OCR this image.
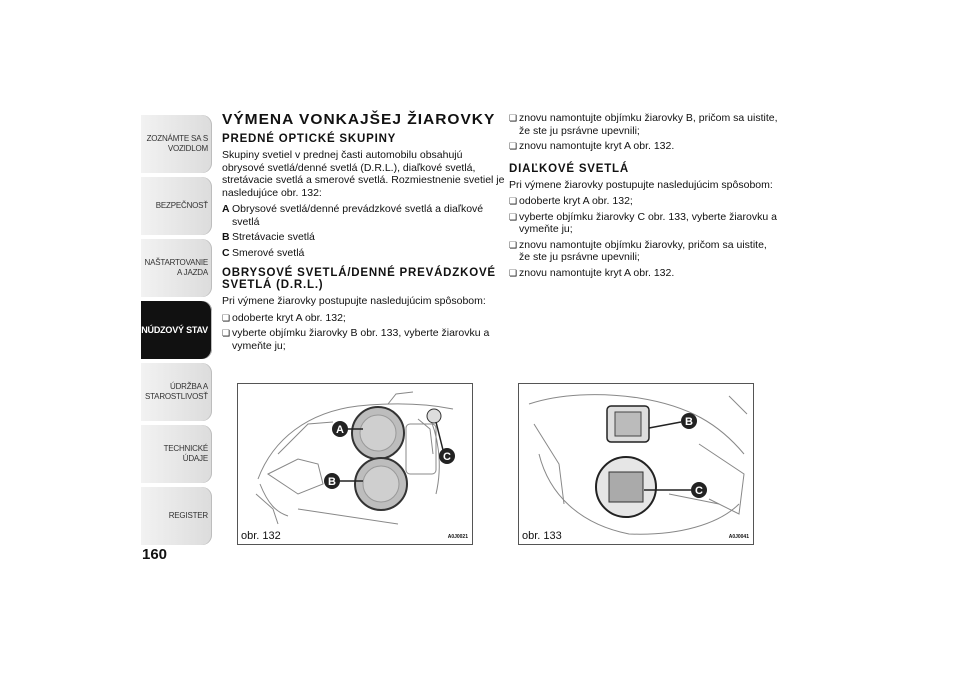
ZOZNÁMTE SA S VOZIDLOM
BEZPEČNOSŤ
NAŠTARTOVANIE A JAZDA
NÚDZOVÝ STAV
ÚDRŽBA A STAROSTLIVOSŤ
TECHNICKÉ ÚDAJE
REGISTER
160
VÝMENA VONKAJŠEJ ŽIAROVKY
PREDNÉ OPTICKÉ SKUPINY

Skupiny svetiel v prednej časti automobilu obsahujú obrysové svetlá/denné svetlá (D.R.L.), diaľkové svetlá, stretávacie svetlá a smerové svetlá. Rozmiestnenie svetiel je nasledujúce obr. 132:

A Obrysové svetlá/denné prevádzkové svetlá a diaľkové svetlá
B Stretávacie svetlá
C Smerové svetlá
OBRYSOVÉ SVETLÁ/DENNÉ PREVÁDZKOVÉ SVETLÁ (D.R.L.)

Pri výmene žiarovky postupujte nasledujúcim spôsobom:

❏ odoberte kryt A obr. 132;
❏ vyberte objímku žiarovky B obr. 133, vyberte žiarovku a vymeňte ju;
❏ znovu namontujte objímku žiarovky B, pričom sa uistite, že ste ju psrávne upevnili;
❏ znovu namontujte kryt A obr. 132.
DIAĽKOVÉ SVETLÁ

Pri výmene žiarovky postupujte nasledujúcim spôsobom:

❏ odoberte kryt A obr. 132;
❏ vyberte objímku žiarovky C obr. 133, vyberte žiarovku a vymeňte ju;
❏ znovu namontujte objímku žiarovky, pričom sa uistite, že ste ju psrávne upevnili;
❏ znovu namontujte kryt A obr. 132.
A
B
C
obr. 132	A0J0021
B
C
obr. 133	A0J0041
